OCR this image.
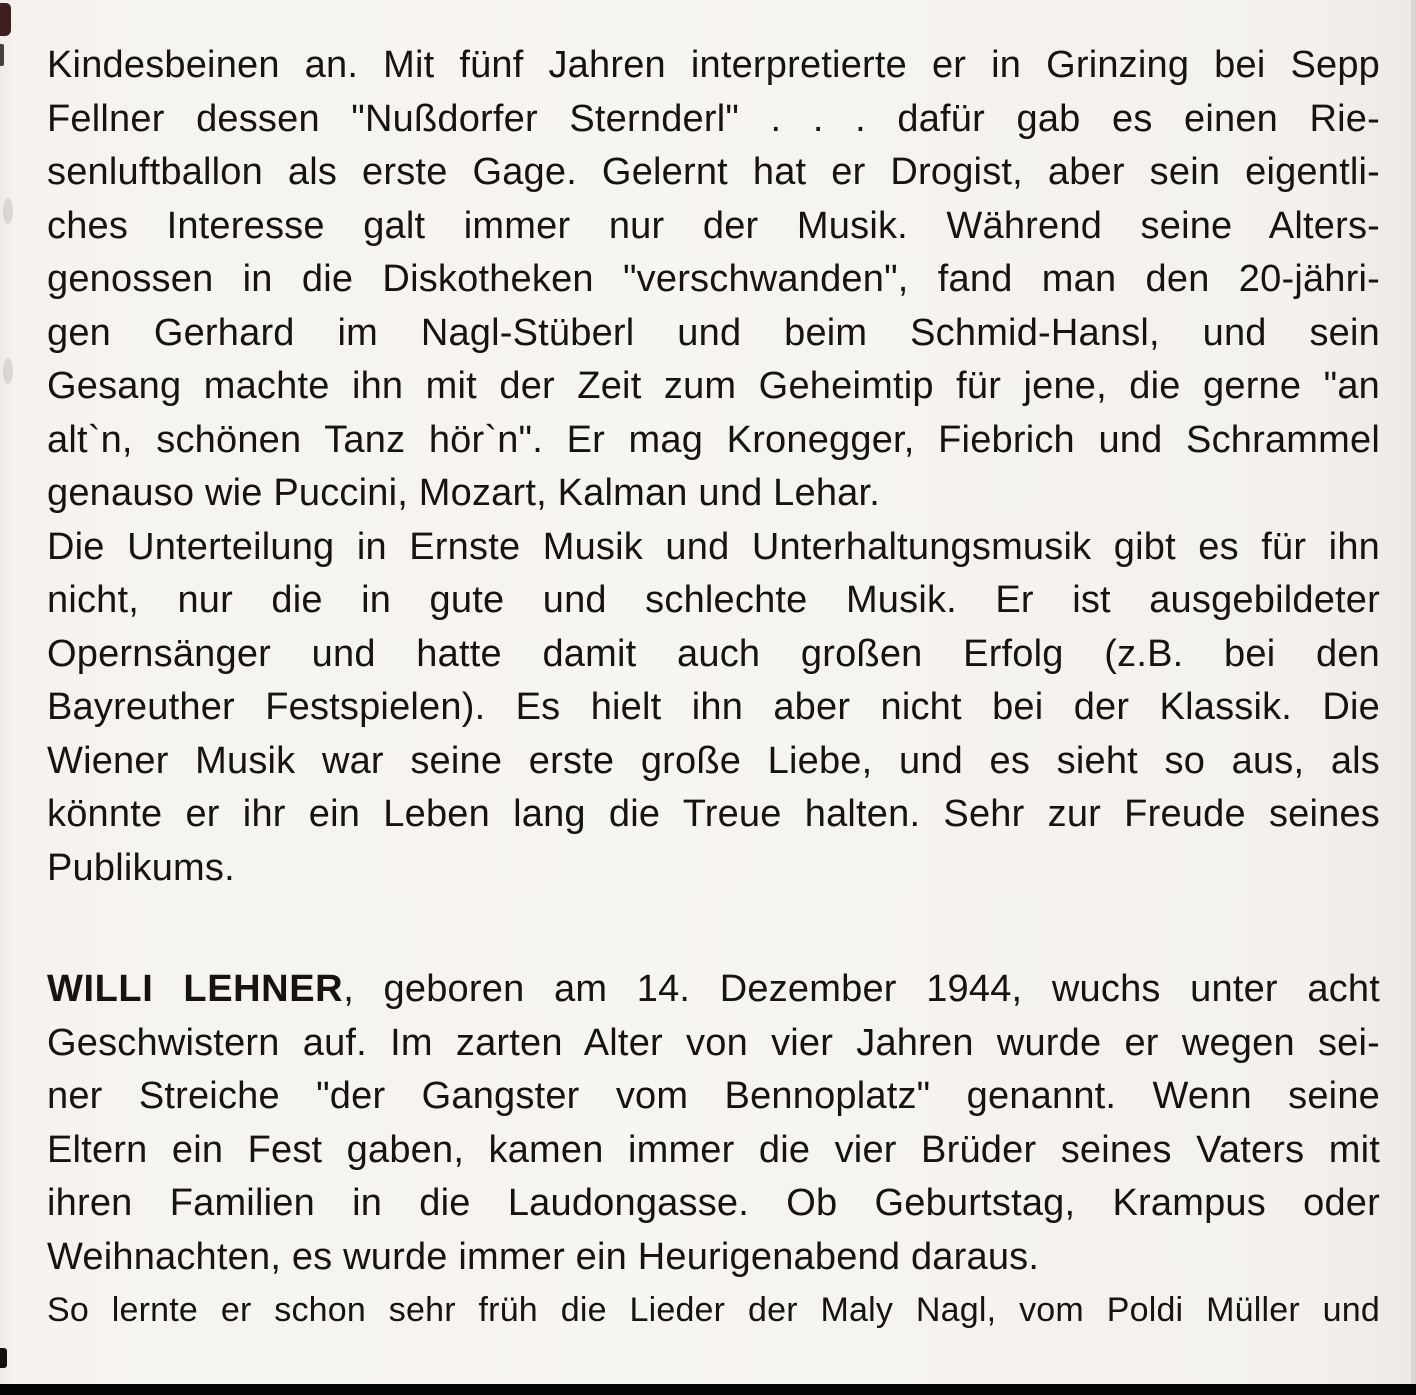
Kindesbeinen an. Mit fünf Jahren interpretierte er in Grinzing bei Sepp
Fellner dessen "Nußdorfer Sternderl" . . . dafür gab es einen Rie-
senluftballon als erste Gage. Gelernt hat er Drogist, aber sein eigentli-
ches Interesse galt immer nur der Musik. Während seine Alters-
genossen in die Diskotheken "verschwanden", fand man den 20-jähri-
gen Gerhard im Nagl-Stüberl und beim Schmid-Hansl, und sein
Gesang machte ihn mit der Zeit zum Geheimtip für jene, die gerne "an
alt`n, schönen Tanz hör`n". Er mag Kronegger, Fiebrich und Schrammel
genauso wie Puccini, Mozart, Kalman und Lehar.
Die Unterteilung in Ernste Musik und Unterhaltungsmusik gibt es für ihn
nicht, nur die in gute und schlechte Musik. Er ist ausgebildeter
Opernsänger und hatte damit auch großen Erfolg (z.B. bei den
Bayreuther Festspielen). Es hielt ihn aber nicht bei der Klassik. Die
Wiener Musik war seine erste große Liebe, und es sieht so aus, als
könnte er ihr ein Leben lang die Treue halten. Sehr zur Freude seines
Publikums.
WILLI LEHNER, geboren am 14. Dezember 1944, wuchs unter acht
Geschwistern auf. Im zarten Alter von vier Jahren wurde er wegen sei-
ner Streiche "der Gangster vom Bennoplatz" genannt. Wenn seine
Eltern ein Fest gaben, kamen immer die vier Brüder seines Vaters mit
ihren Familien in die Laudongasse. Ob Geburtstag, Krampus oder
Weihnachten, es wurde immer ein Heurigenabend daraus.
So lernte er schon sehr früh die Lieder der Maly Nagl, vom Poldi Müller und
